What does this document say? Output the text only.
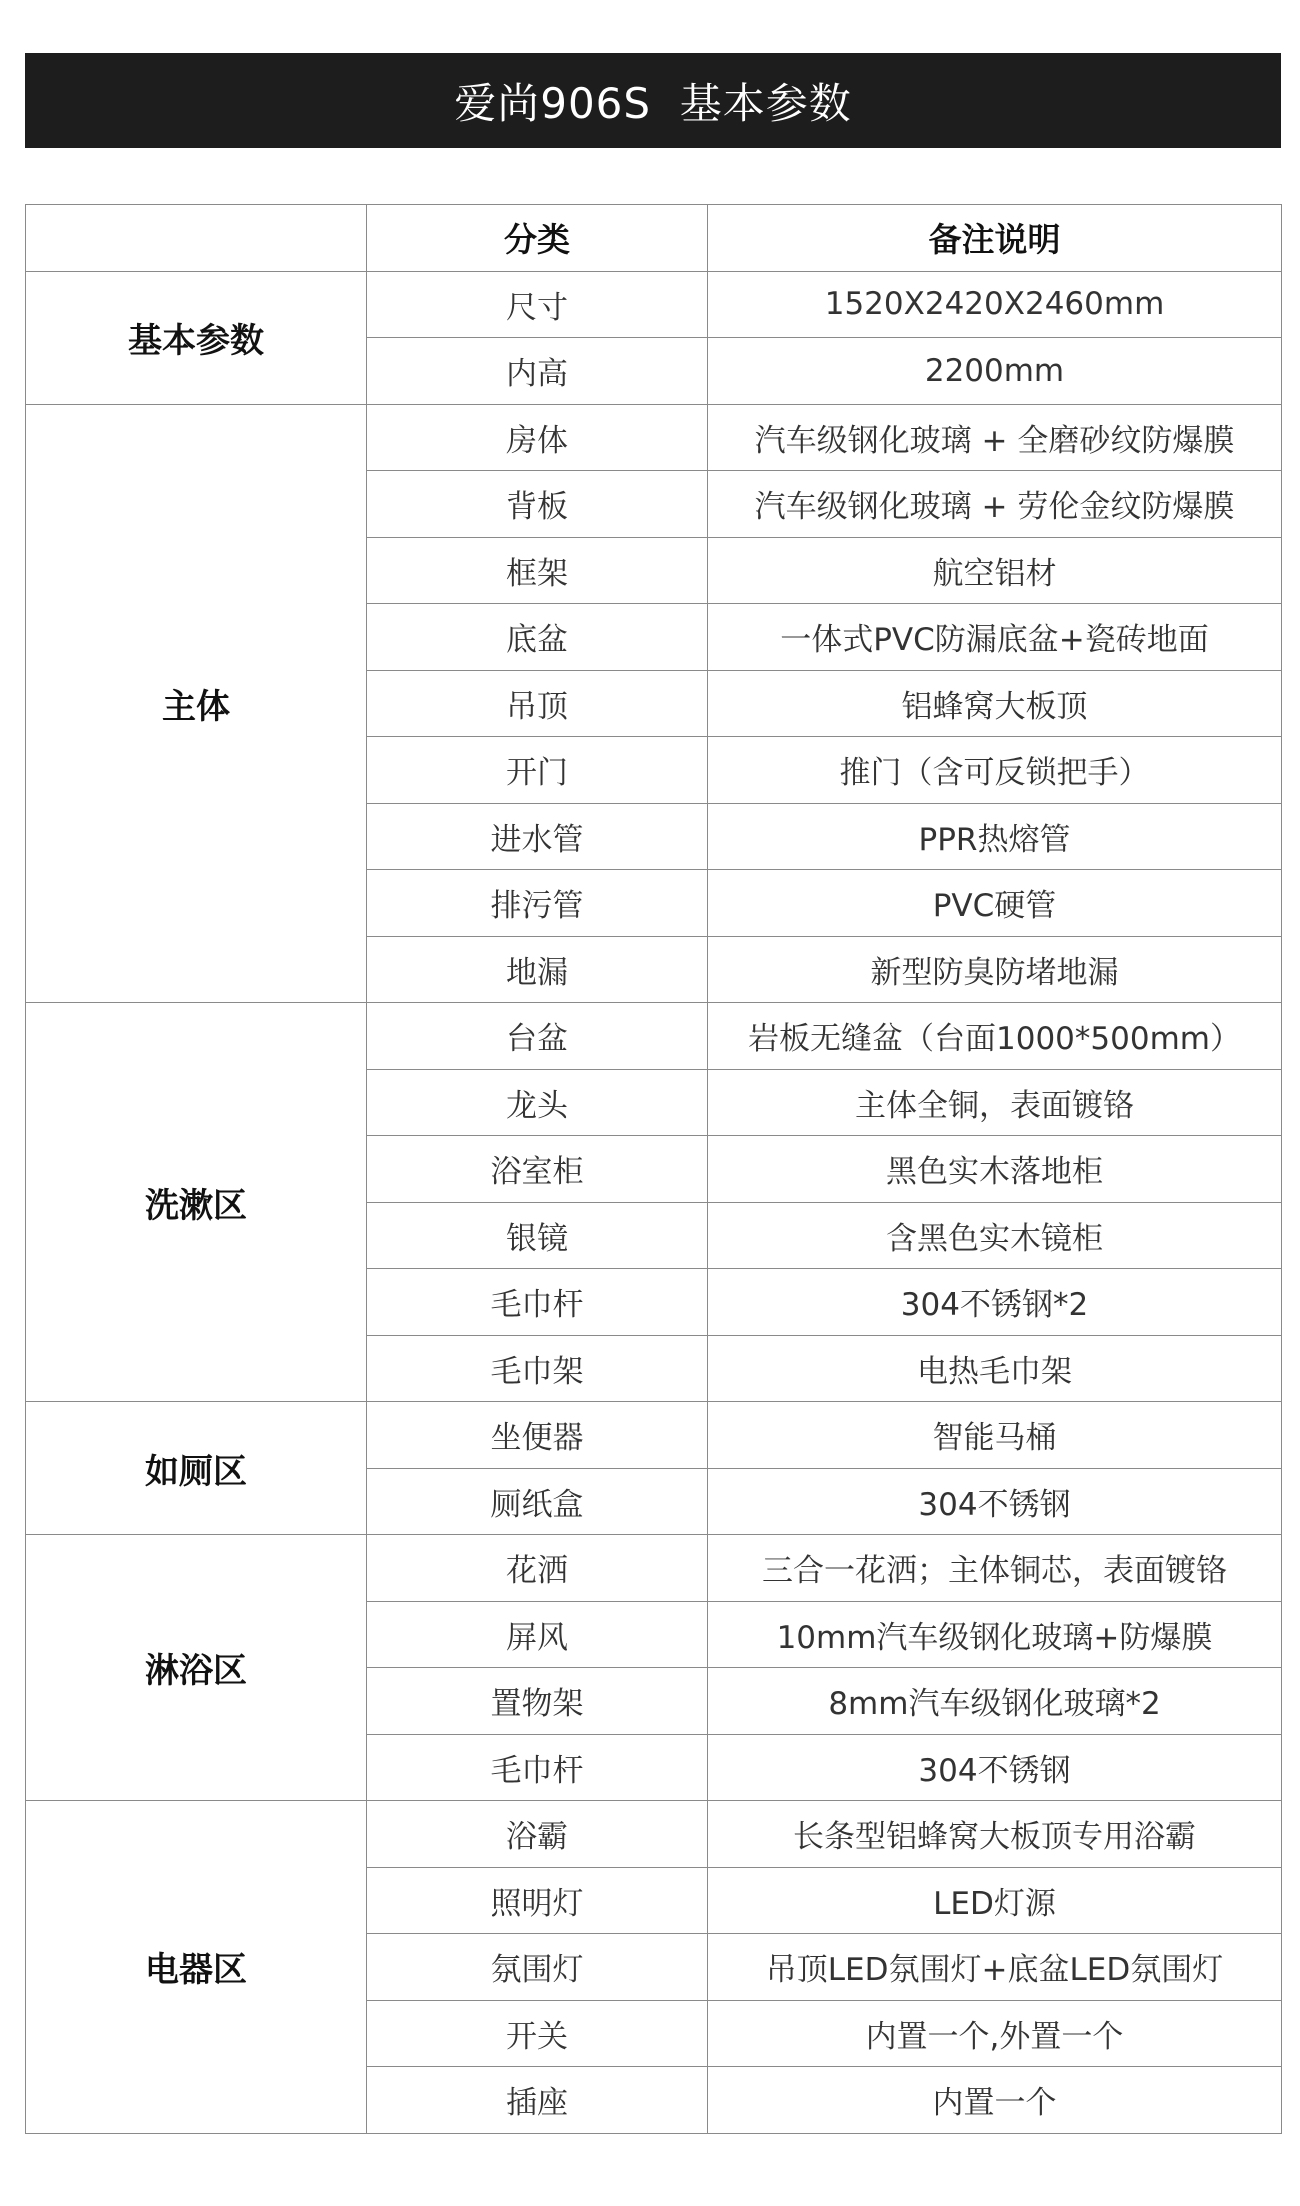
爱尚906S  基本参数
	分类	备注说明
基本参数	尺寸	1520X2420X2460mm
	内高	2200mm
主体	房体	汽车级钢化玻璃 + 全磨砂纹防爆膜
	背板	汽车级钢化玻璃 + 劳伦金纹防爆膜
	框架	航空铝材
	底盆	一体式PVC防漏底盆+瓷砖地面
	吊顶	铝蜂窝大板顶
	开门	推门（含可反锁把手）
	进水管	PPR热熔管
	排污管	PVC硬管
	地漏	新型防臭防堵地漏
洗漱区	台盆	岩板无缝盆（台面1000*500mm）
	龙头	主体全铜，表面镀铬
	浴室柜	黑色实木落地柜
	银镜	含黑色实木镜柜
	毛巾杆	304不锈钢*2
	毛巾架	电热毛巾架
如厕区	坐便器	智能马桶
	厕纸盒	304不锈钢
淋浴区	花洒	三合一花洒；主体铜芯，表面镀铬
	屏风	10mm汽车级钢化玻璃+防爆膜
	置物架	8mm汽车级钢化玻璃*2
	毛巾杆	304不锈钢
电器区	浴霸	长条型铝蜂窝大板顶专用浴霸
	照明灯	LED灯源
	氛围灯	吊顶LED氛围灯+底盆LED氛围灯
	开关	内置一个,外置一个
	插座	内置一个
